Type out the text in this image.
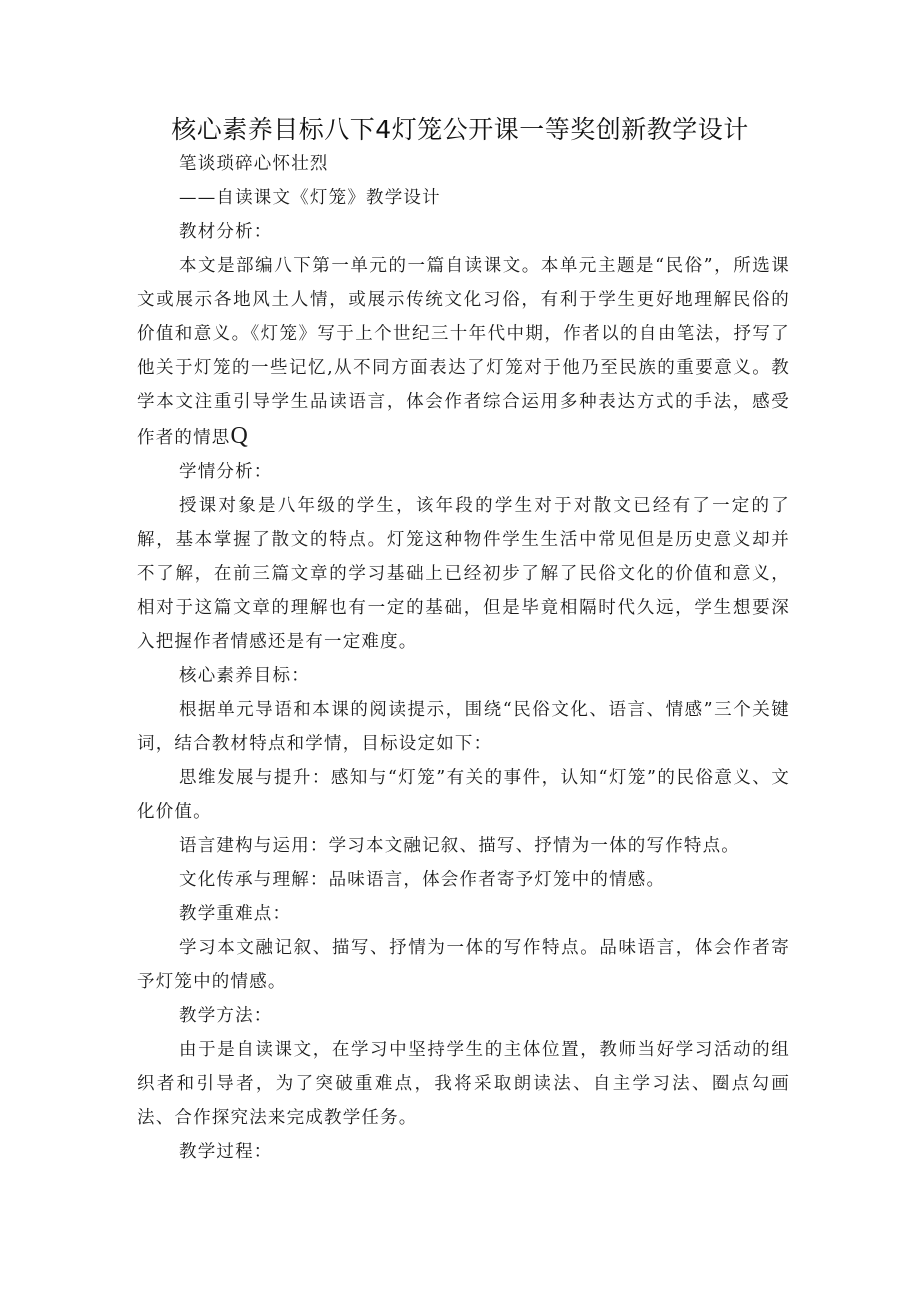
核心素养目标八下4灯笼公开课一等奖创新教学设计

笔谈琐碎心怀壮烈

——自读课文《灯笼》教学设计

教材分析：

本文是部编八下第一单元的一篇自读课文。本单元主题是“民俗”，所选课文或展示各地风土人情，或展示传统文化习俗，有利于学生更好地理解民俗的价值和意义。《灯笼》写于上个世纪三十年代中期，作者以的自由笔法，抒写了他关于灯笼的一些记忆,从不同方面表达了灯笼对于他乃至民族的重要意义。教学本文注重引导学生品读语言，体会作者综合运用多种表达方式的手法，感受作者的情思Q

学情分析：

授课对象是八年级的学生，该年段的学生对于对散文已经有了一定的了解，基本掌握了散文的特点。灯笼这种物件学生生活中常见但是历史意义却并不了解，在前三篇文章的学习基础上已经初步了解了民俗文化的价值和意义，相对于这篇文章的理解也有一定的基础，但是毕竟相隔时代久远，学生想要深入把握作者情感还是有一定难度。

核心素养目标：

根据单元导语和本课的阅读提示，围绕“民俗文化、语言、情感”三个关键词，结合教材特点和学情，目标设定如下：

思维发展与提升：感知与“灯笼”有关的事件，认知“灯笼”的民俗意义、文化价值。

语言建构与运用：学习本文融记叙、描写、抒情为一体的写作特点。

文化传承与理解：品味语言，体会作者寄予灯笼中的情感。

教学重难点：

学习本文融记叙、描写、抒情为一体的写作特点。品味语言，体会作者寄予灯笼中的情感。

教学方法：

由于是自读课文，在学习中坚持学生的主体位置，教师当好学习活动的组织者和引导者，为了突破重难点，我将采取朗读法、自主学习法、圈点勾画法、合作探究法来完成教学任务。

教学过程：
